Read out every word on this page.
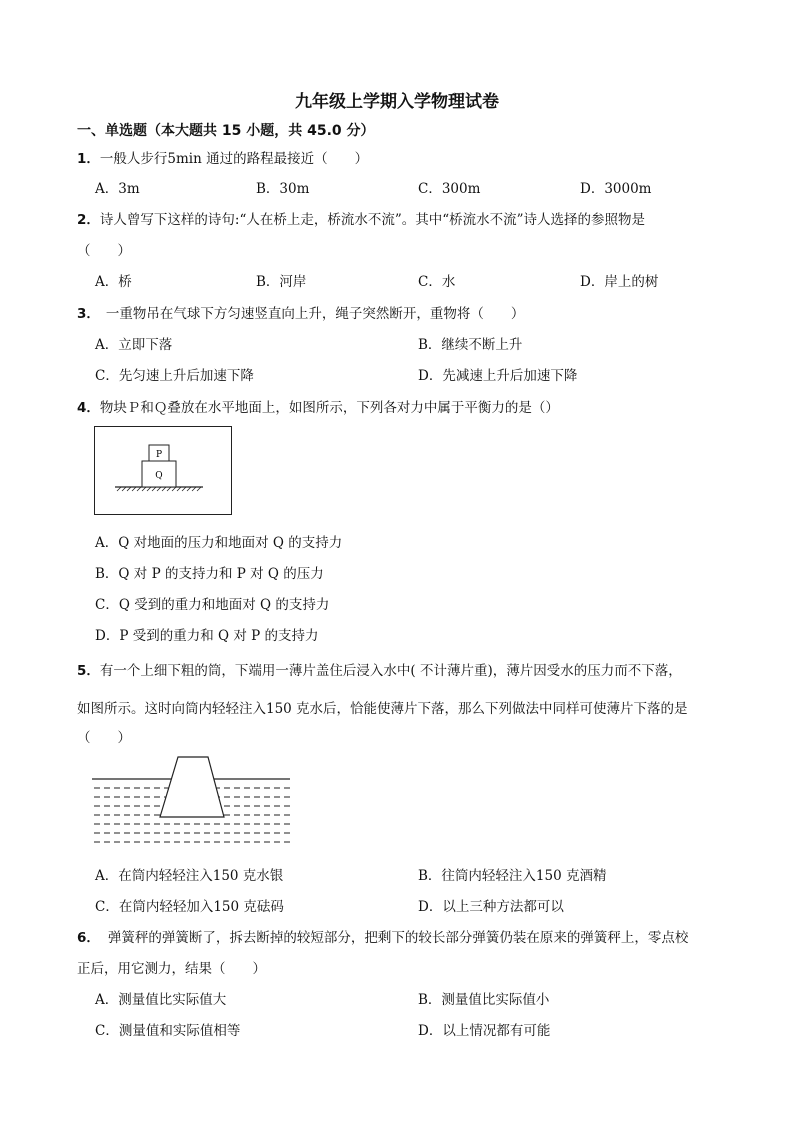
九年级上学期入学物理试卷
一、单选题（本大题共 15 小题，共 45.0 分）
1．一般人步行5min 通过的路程最接近（　　）
A．3m	B．30m	C．300m	D．3000m
2．诗人曾写下这样的诗句:“人在桥上走，桥流水不流”。其中“桥流水不流”诗人选择的参照物是
（　　）
A．桥	B．河岸	C．水	D．岸上的树
3． 一重物吊在气球下方匀速竖直向上升，绳子突然断开，重物将（　　）
A．立即下落	B．继续不断上升
C．先匀速上升后加速下降	D．先减速上升后加速下降
4．物块Ｐ和Ｑ叠放在水平地面上，如图所示，下列各对力中属于平衡力的是（）
P
Q
A．Q 对地面的压力和地面对 Q 的支持力
B．Q 对 P 的支持力和 P 对 Q 的压力
C．Q 受到的重力和地面对 Q 的支持力
D．P 受到的重力和 Q 对 P 的支持力
5．有一个上细下粗的筒，下端用一薄片盖住后浸入水中( 不计薄片重)，薄片因受水的压力而不下落，
如图所示。这时向筒内轻轻注入150 克水后，恰能使薄片下落，那么下列做法中同样可使薄片下落的是
（　　）
A．在筒内轻轻注入150 克水银	B．往筒内轻轻注入150 克酒精
C．在筒内轻轻加入150 克砝码	D．以上三种方法都可以
6． 弹簧秤的弹簧断了，拆去断掉的较短部分，把剩下的较长部分弹簧仍装在原来的弹簧秤上，零点校
正后，用它测力，结果（　　）
A．测量值比实际值大	B．测量值比实际值小
C．测量值和实际值相等	D．以上情况都有可能
